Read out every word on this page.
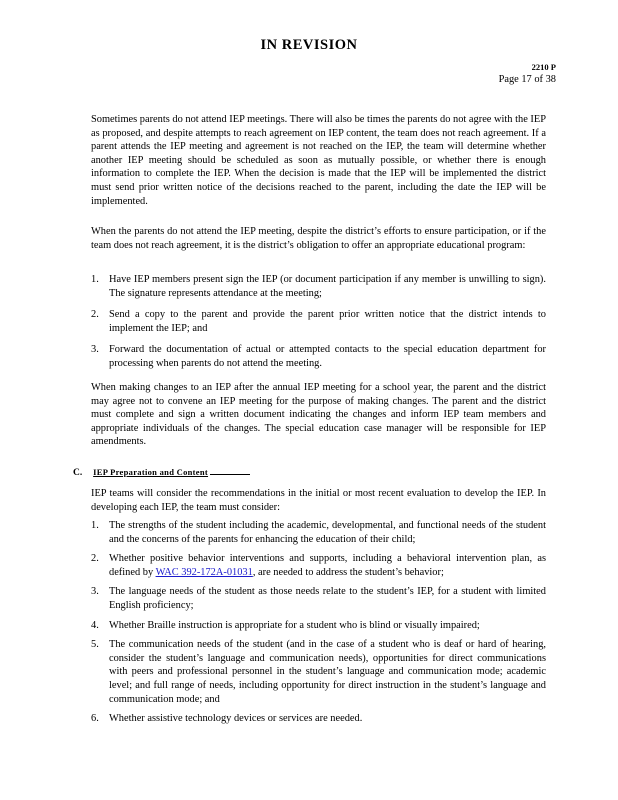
IN REVISION
2210 P
Page 17 of 38

Sometimes parents do not attend IEP meetings. There will also be times the parents do not agree with the IEP as proposed, and despite attempts to reach agreement on IEP content, the team does not reach agreement. If a parent attends the IEP meeting and agreement is not reached on the IEP, the team will determine whether another IEP meeting should be scheduled as soon as mutually possible, or whether there is enough information to complete the IEP. When the decision is made that the IEP will be implemented the district must send prior written notice of the decisions reached to the parent, including the date the IEP will be implemented.

When the parents do not attend the IEP meeting, despite the district’s efforts to ensure participation, or if the team does not reach agreement, it is the district’s obligation to offer an appropriate educational program:

1. Have IEP members present sign the IEP (or document participation if any member is unwilling to sign). The signature represents attendance at the meeting;
2. Send a copy to the parent and provide the parent prior written notice that the district intends to implement the IEP; and
3. Forward the documentation of actual or attempted contacts to the special education department for processing when parents do not attend the meeting.

When making changes to an IEP after the annual IEP meeting for a school year, the parent and the district may agree not to convene an IEP meeting for the purpose of making changes. The parent and the district must complete and sign a written document indicating the changes and inform IEP team members and appropriate individuals of the changes. The special education case manager will be responsible for IEP amendments.

C. IEP Preparation and Content

IEP teams will consider the recommendations in the initial or most recent evaluation to develop the IEP. In developing each IEP, the team must consider:

1. The strengths of the student including the academic, developmental, and functional needs of the student and the concerns of the parents for enhancing the education of their child;
2. Whether positive behavior interventions and supports, including a behavioral intervention plan, as defined by WAC 392-172A-01031, are needed to address the student’s behavior;
3. The language needs of the student as those needs relate to the student’s IEP, for a student with limited English proficiency;
4. Whether Braille instruction is appropriate for a student who is blind or visually impaired;
5. The communication needs of the student (and in the case of a student who is deaf or hard of hearing, consider the student’s language and communication needs), opportunities for direct communications with peers and professional personnel in the student’s language and communication mode; academic level; and full range of needs, including opportunity for direct instruction in the student’s language and communication mode; and
6. Whether assistive technology devices or services are needed.
